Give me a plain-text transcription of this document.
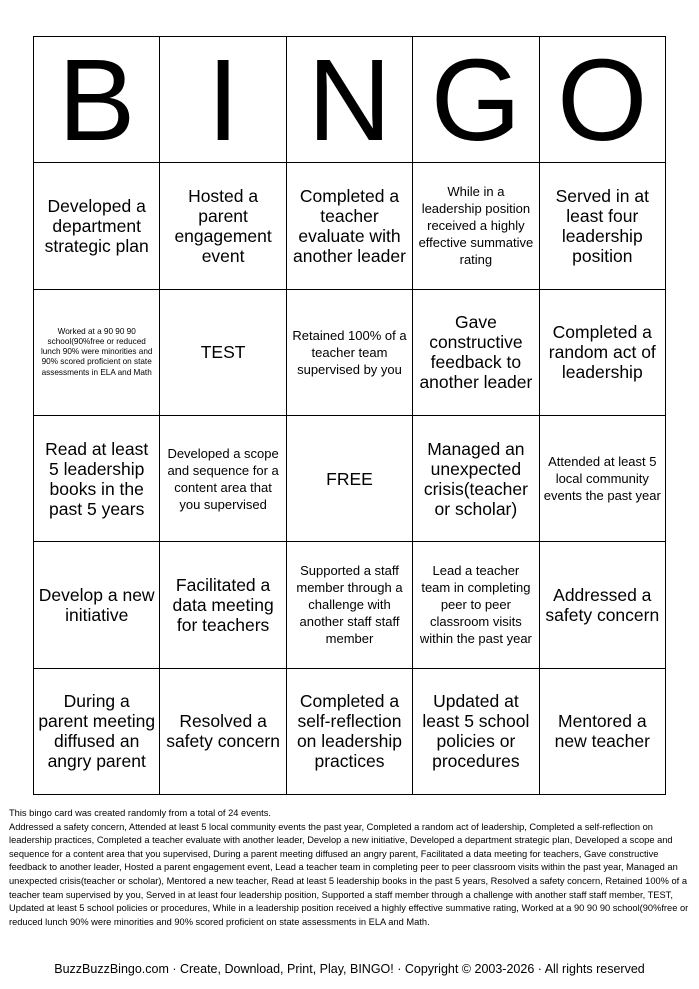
B I N G O
Developed a department strategic plan
Hosted a parent engagement event
Completed a teacher evaluate with another leader
While in a leadership position received a highly effective summative rating
Served in at least four leadership position
Worked at a 90 90 90 school(90%free or reduced lunch 90% were minorities and 90% scored proficient on state assessments in ELA and Math
TEST
Retained 100% of a teacher team supervised by you
Gave constructive feedback to another leader
Completed a random act of leadership
Read at least 5 leadership books in the past 5 years
Developed a scope and sequence for a content area that you supervised
FREE
Managed an unexpected crisis(teacher or scholar)
Attended at least 5 local community events the past year
Develop a new initiative
Facilitated a data meeting for teachers
Supported a staff member through a challenge with another staff staff member
Lead a teacher team in completing peer to peer classroom visits within the past year
Addressed a safety concern
During a parent meeting diffused an angry parent
Resolved a safety concern
Completed a self-reflection on leadership practices
Updated at least 5 school policies or procedures
Mentored a new teacher

This bingo card was created randomly from a total of 24 events.

Addressed a safety concern, Attended at least 5 local community events the past year, Completed a random act of leadership, Completed a self-reflection on leadership practices, Completed a teacher evaluate with another leader, Develop a new initiative, Developed a department strategic plan, Developed a scope and sequence for a content area that you supervised, During a parent meeting diffused an angry parent, Facilitated a data meeting for teachers, Gave constructive feedback to another leader, Hosted a parent engagement event, Lead a teacher team in completing peer to peer classroom visits within the past year, Managed an unexpected crisis(teacher or scholar), Mentored a new teacher, Read at least 5 leadership books in the past 5 years, Resolved a safety concern, Retained 100% of a teacher team supervised by you, Served in at least four leadership position, Supported a staff member through a challenge with another staff staff member, TEST, Updated at least 5 school policies or procedures, While in a leadership position received a highly effective summative rating, Worked at a 90 90 90 school(90%free or reduced lunch 90% were minorities and 90% scored proficient on state assessments in ELA and Math.

BuzzBuzzBingo.com · Create, Download, Print, Play, BINGO! · Copyright © 2003-2026 · All rights reserved
